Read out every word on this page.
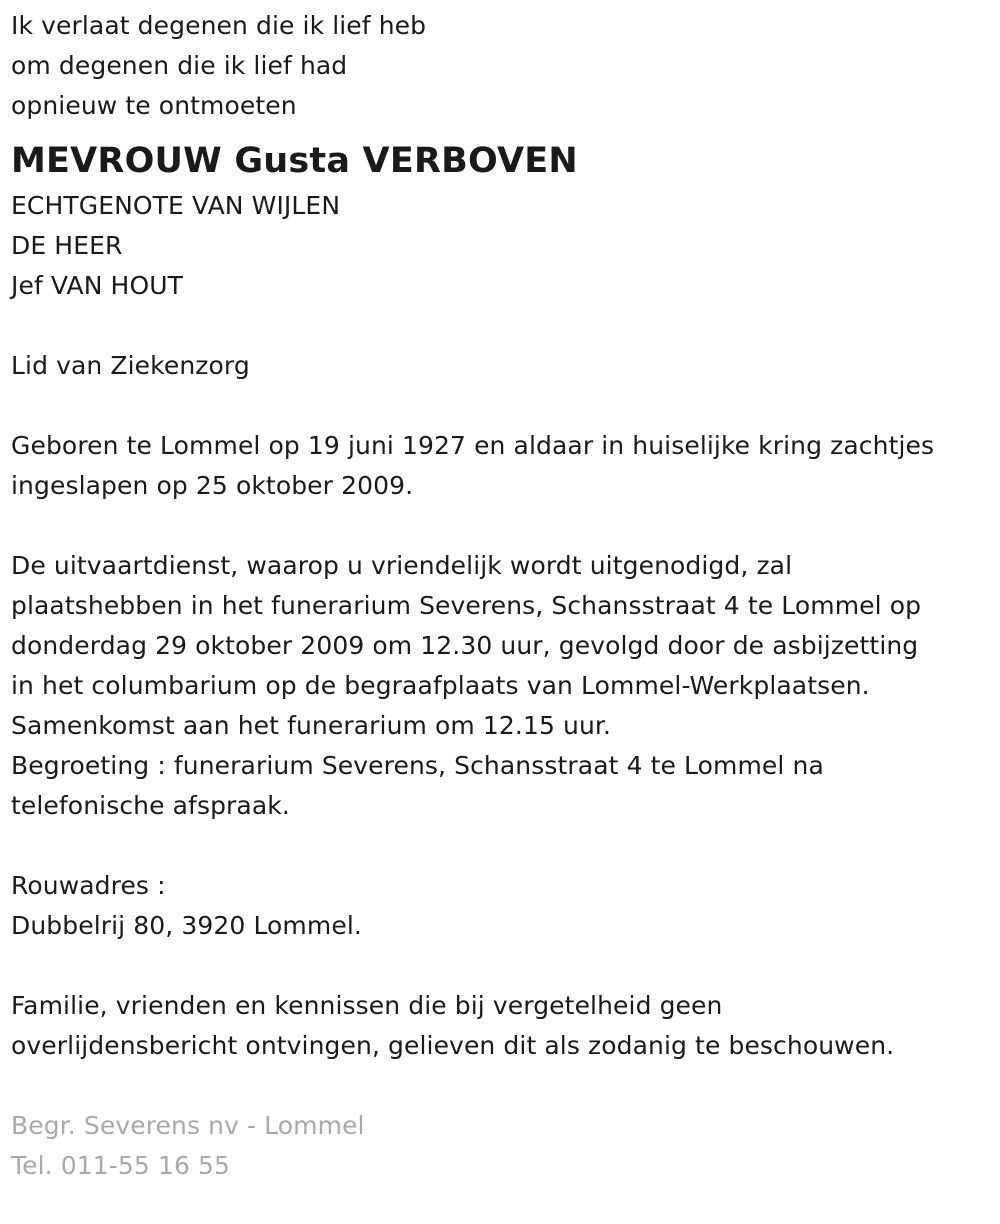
Ik verlaat degenen die ik lief heb
om degenen die ik lief had
opnieuw te ontmoeten
MEVROUW Gusta VERBOVEN
ECHTGENOTE VAN WIJLEN
DE HEER
Jef VAN HOUT
Lid van Ziekenzorg
Geboren te Lommel op 19 juni 1927 en aldaar in huiselijke kring zachtjes
ingeslapen op 25 oktober 2009.
De uitvaartdienst, waarop u vriendelijk wordt uitgenodigd, zal
plaatshebben in het funerarium Severens, Schansstraat 4 te Lommel op
donderdag 29 oktober 2009 om 12.30 uur, gevolgd door de asbijzetting
in het columbarium op de begraafplaats van Lommel-Werkplaatsen.
Samenkomst aan het funerarium om 12.15 uur.
Begroeting : funerarium Severens, Schansstraat 4 te Lommel na
telefonische afspraak.
Rouwadres :
Dubbelrij 80, 3920 Lommel.
Familie, vrienden en kennissen die bij vergetelheid geen
overlijdensbericht ontvingen, gelieven dit als zodanig te beschouwen.
Begr. Severens nv - Lommel
Tel. 011-55 16 55
